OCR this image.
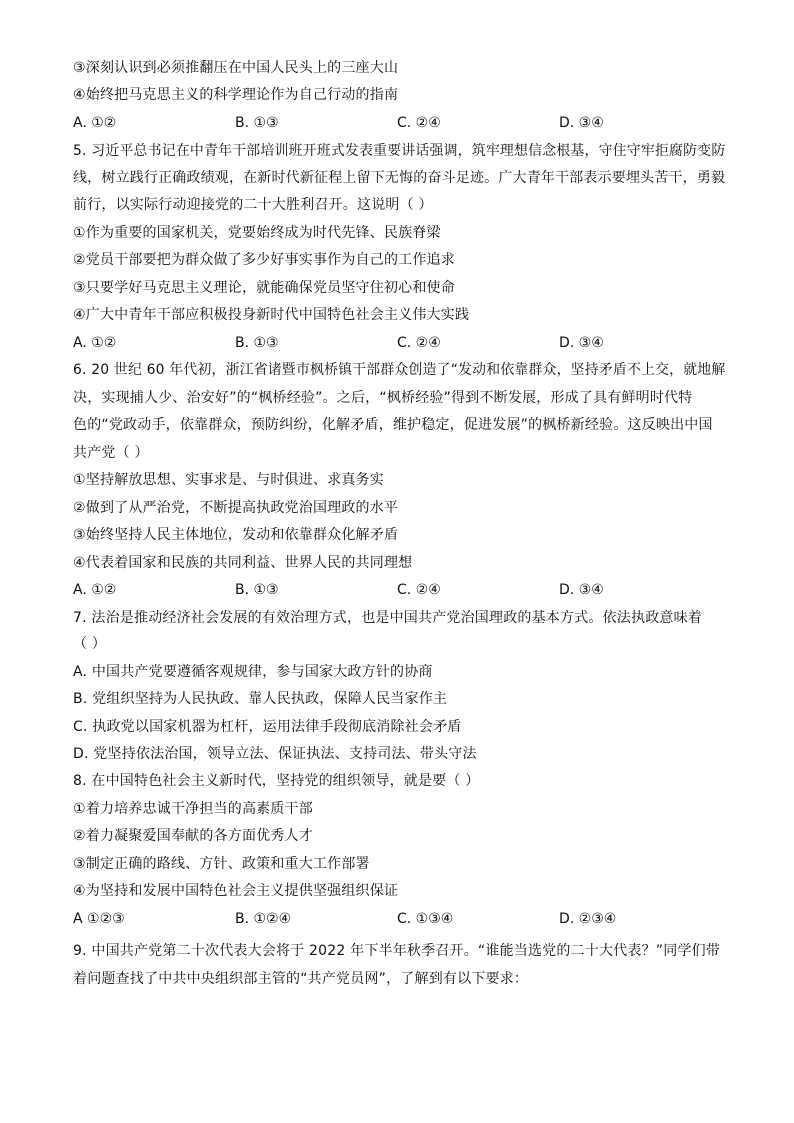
③深刻认识到必须推翻压在中国人民头上的三座大山
④始终把马克思主义的科学理论作为自己行动的指南
A. ①②	B. ①③	C. ②④	D. ③④
5. 习近平总书记在中青年干部培训班开班式发表重要讲话强调，筑牢理想信念根基，守住守牢拒腐防变防
线，树立践行正确政绩观，在新时代新征程上留下无悔的奋斗足迹。广大青年干部表示要埋头苦干，勇毅
前行，以实际行动迎接党的二十大胜利召开。这说明（ ）
①作为重要的国家机关，党要始终成为时代先锋、民族脊梁
②党员干部要把为群众做了多少好事实事作为自己的工作追求
③只要学好马克思主义理论，就能确保党员坚守住初心和使命
④广大中青年干部应积极投身新时代中国特色社会主义伟大实践
A. ①②	B. ①③	C. ②④	D. ③④
6. 20 世纪 60 年代初，浙江省诸暨市枫桥镇干部群众创造了“发动和依靠群众，坚持矛盾不上交，就地解
决，实现捕人少、治安好”的“枫桥经验”。之后，“枫桥经验”得到不断发展，形成了具有鲜明时代特
色的“党政动手，依靠群众，预防纠纷，化解矛盾，维护稳定，促进发展”的枫桥新经验。这反映出中国
共产党（ ）
①坚持解放思想、实事求是、与时俱进、求真务实
②做到了从严治党，不断提高执政党治国理政的水平
③始终坚持人民主体地位，发动和依靠群众化解矛盾
④代表着国家和民族的共同利益、世界人民的共同理想
A. ①②	B. ①③	C. ②④	D. ③④
7. 法治是推动经济社会发展的有效治理方式，也是中国共产党治国理政的基本方式。依法执政意味着
（ ）
A. 中国共产党要遵循客观规律，参与国家大政方针的协商
B. 党组织坚持为人民执政、靠人民执政，保障人民当家作主
C. 执政党以国家机器为杠杆，运用法律手段彻底消除社会矛盾
D. 党坚持依法治国，领导立法、保证执法、支持司法、带头守法
8. 在中国特色社会主义新时代，坚持党的组织领导，就是要（ ）
①着力培养忠诚干净担当的高素质干部
②着力凝聚爱国奉献的各方面优秀人才
③制定正确的路线、方针、政策和重大工作部署
④为坚持和发展中国特色社会主义提供坚强组织保证
A ①②③	B. ①②④	C. ①③④	D. ②③④
9. 中国共产党第二十次代表大会将于 2022 年下半年秋季召开。“谁能当选党的二十大代表？”同学们带
着问题查找了中共中央组织部主管的“共产党员网”，了解到有以下要求：
